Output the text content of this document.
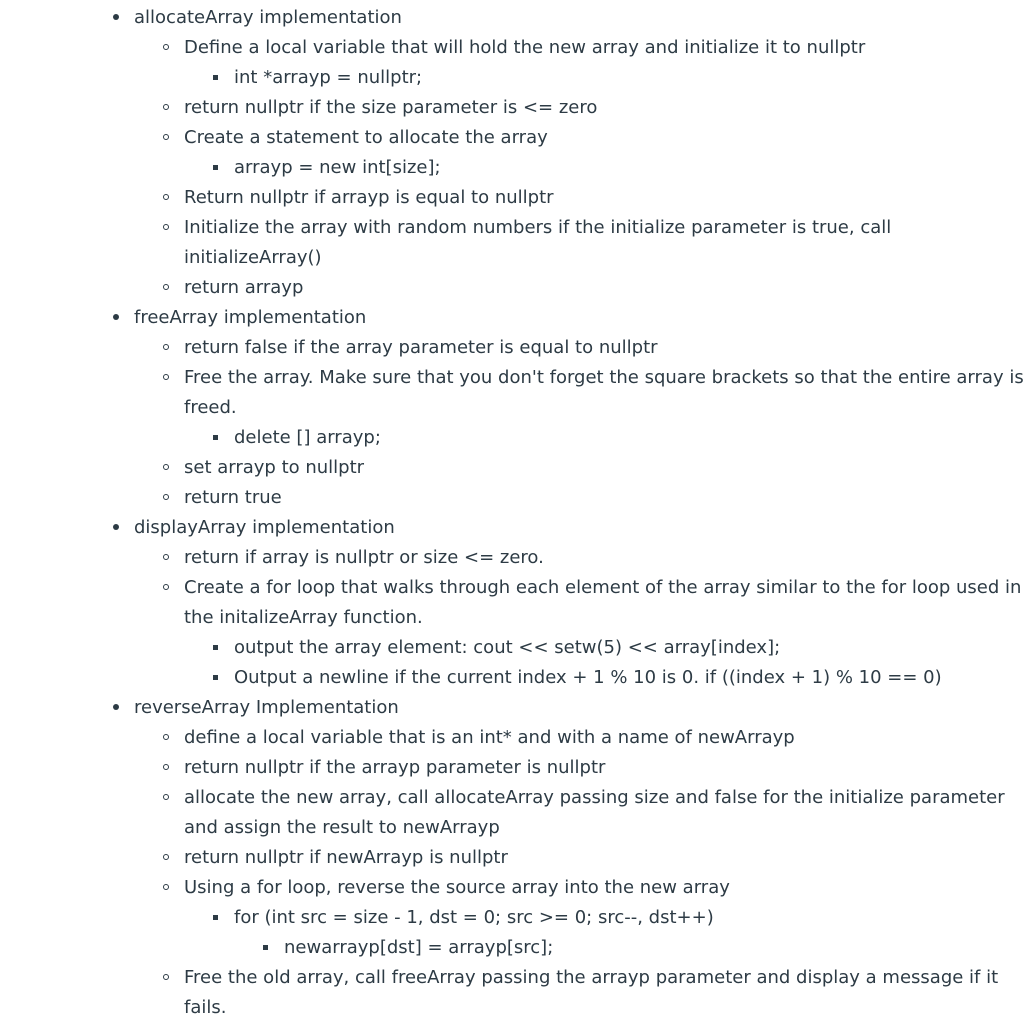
allocateArray implementation
Define a local variable that will hold the new array and initialize it to nullptr
int *arrayp = nullptr;
return nullptr if the size parameter is <= zero
Create a statement to allocate the array
arrayp = new int[size];
Return nullptr if arrayp is equal to nullptr
Initialize the array with random numbers if the initialize parameter is true, call initializeArray()
return arrayp
freeArray implementation
return false if the array parameter is equal to nullptr
Free the array. Make sure that you don't forget the square brackets so that the entire array is freed.
delete [] arrayp;
set arrayp to nullptr
return true
displayArray implementation
return if array is nullptr or size <= zero.
Create a for loop that walks through each element of the array similar to the for loop used in the initalizeArray function.
output the array element: cout << setw(5) << array[index];
Output a newline if the current index + 1 % 10 is 0. if ((index + 1) % 10 == 0)
reverseArray Implementation
define a local variable that is an int* and with a name of newArrayp
return nullptr if the arrayp parameter is nullptr
allocate the new array, call allocateArray passing size and false for the initialize parameter and assign the result to newArrayp
return nullptr if newArrayp is nullptr
Using a for loop, reverse the source array into the new array
for (int src = size - 1, dst = 0; src >= 0; src--, dst++)
newarrayp[dst] = arrayp[src];
Free the old array, call freeArray passing the arrayp parameter and display a message if it fails.
